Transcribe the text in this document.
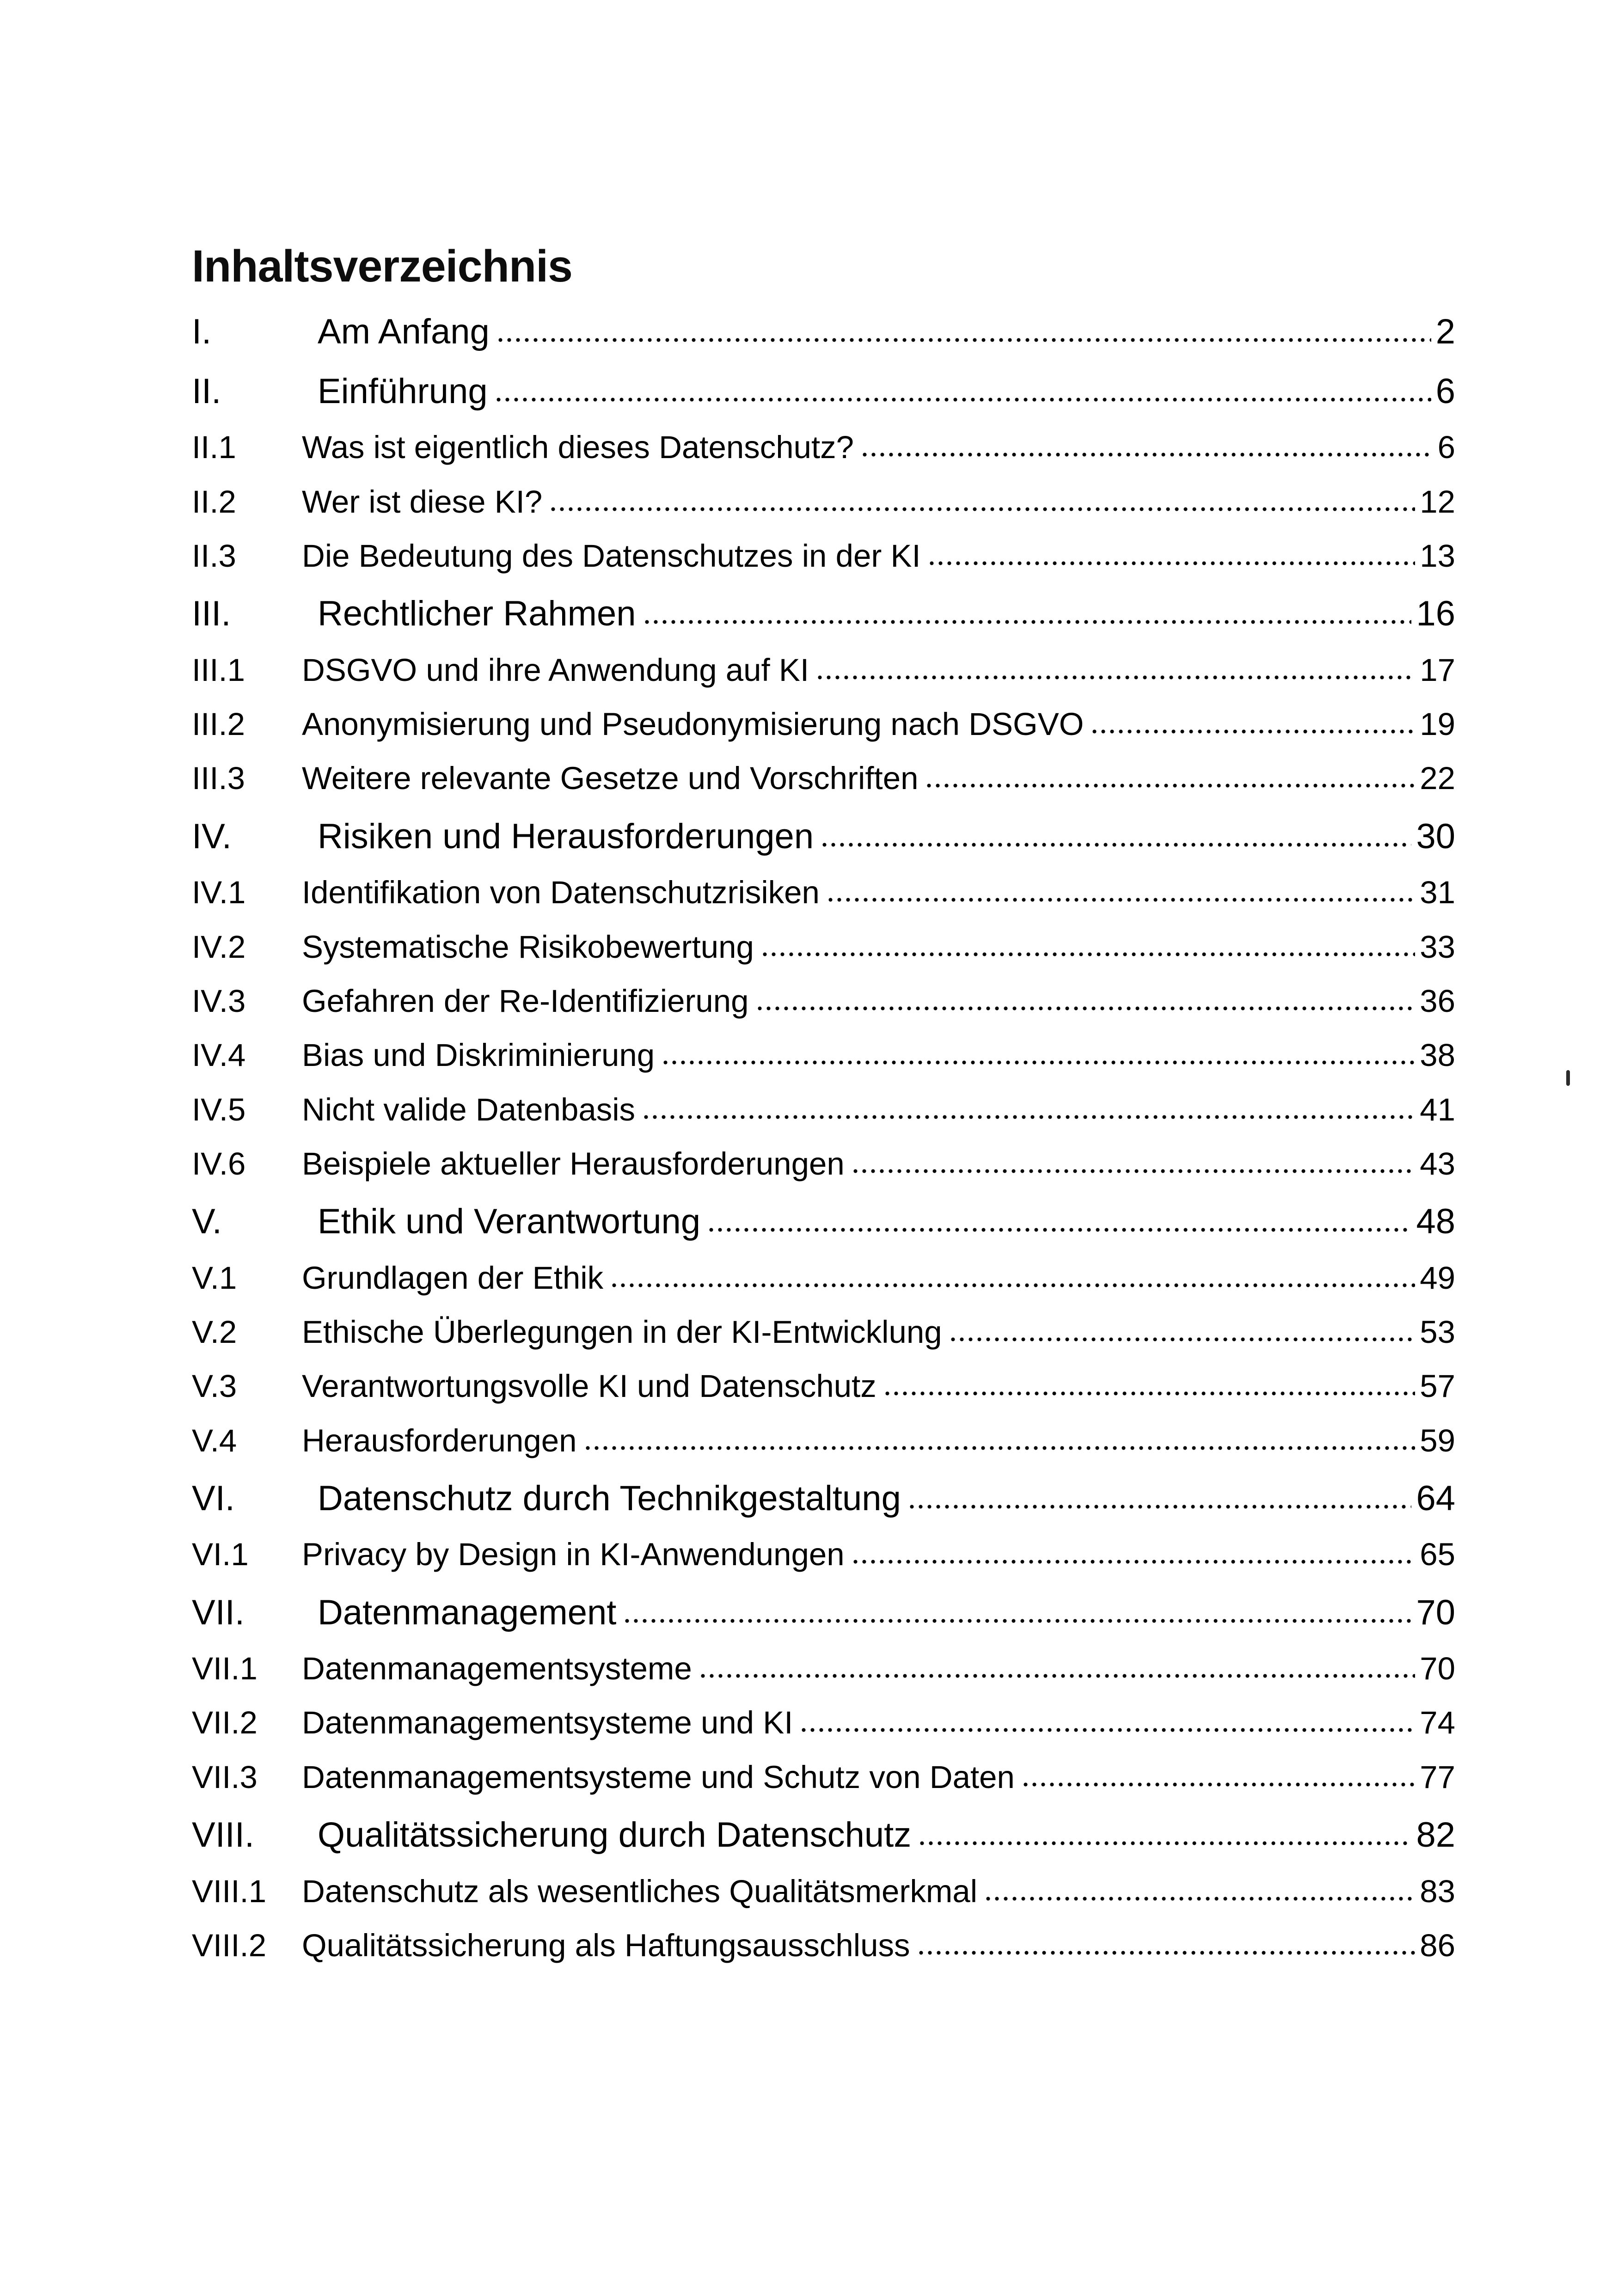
Inhaltsverzeichnis
I.	Am Anfang	2
II.	Einführung	6
II.1	Was ist eigentlich dieses Datenschutz?	6
II.2	Wer ist diese KI?	12
II.3	Die Bedeutung des Datenschutzes in der KI	13
III.	Rechtlicher Rahmen	16
III.1	DSGVO und ihre Anwendung auf KI	17
III.2	Anonymisierung und Pseudonymisierung nach DSGVO	19
III.3	Weitere relevante Gesetze und Vorschriften	22
IV.	Risiken und Herausforderungen	30
IV.1	Identifikation von Datenschutzrisiken	31
IV.2	Systematische Risikobewertung	33
IV.3	Gefahren der Re-Identifizierung	36
IV.4	Bias und Diskriminierung	38
IV.5	Nicht valide Datenbasis	41
IV.6	Beispiele aktueller Herausforderungen	43
V.	Ethik und Verantwortung	48
V.1	Grundlagen der Ethik	49
V.2	Ethische Überlegungen in der KI-Entwicklung	53
V.3	Verantwortungsvolle KI und Datenschutz	57
V.4	Herausforderungen	59
VI.	Datenschutz durch Technikgestaltung	64
VI.1	Privacy by Design in KI-Anwendungen	65
VII.	Datenmanagement	70
VII.1	Datenmanagementsysteme	70
VII.2	Datenmanagementsysteme und KI	74
VII.3	Datenmanagementsysteme und Schutz von Daten	77
VIII.	Qualitätssicherung durch Datenschutz	82
VIII.1	Datenschutz als wesentliches Qualitätsmerkmal	83
VIII.2	Qualitätssicherung als Haftungsausschluss	86
